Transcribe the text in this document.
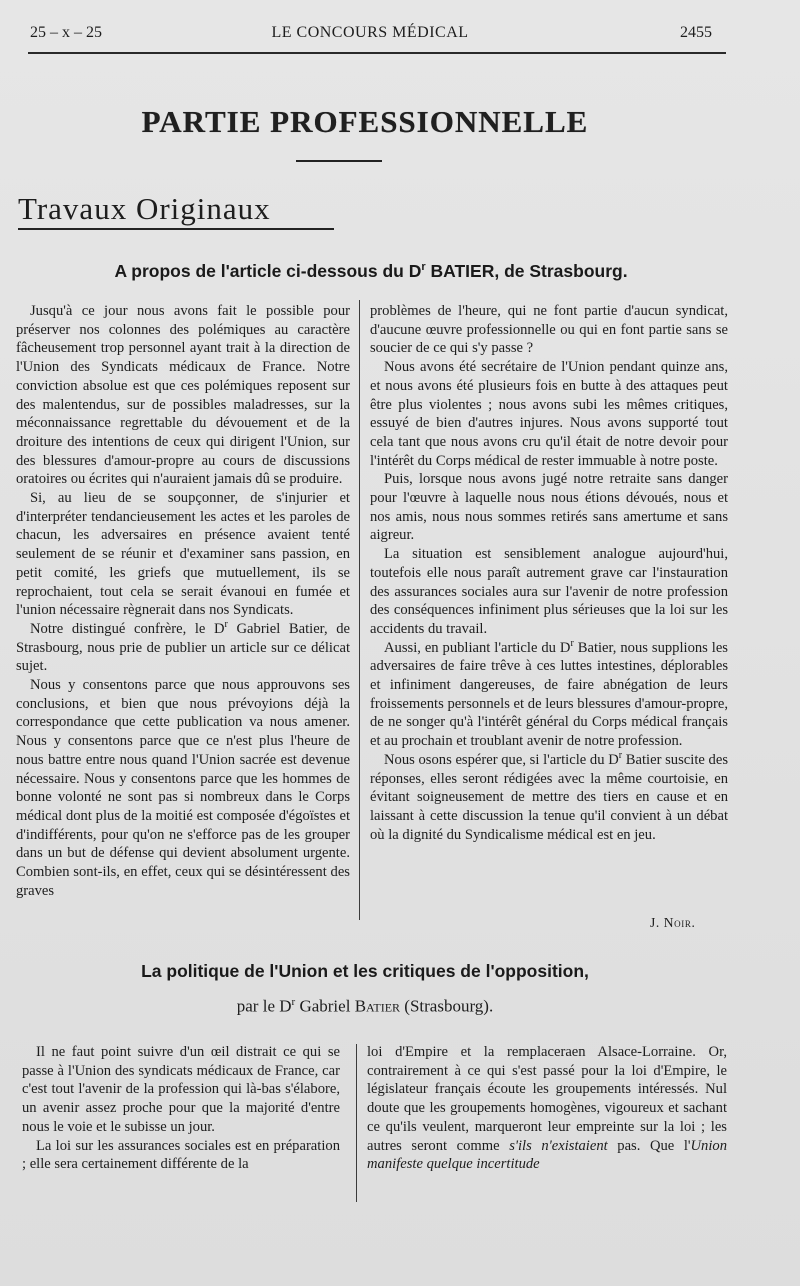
25 – x – 25	LE CONCOURS MÉDICAL	2455
PARTIE PROFESSIONNELLE
Travaux Originaux
A propos de l'article ci-dessous du $D^r$ BATIER, de Strasbourg.

Jusqu'à ce jour nous avons fait le possible pour préserver nos colonnes des polémiques au caractère fâcheusement trop personnel ayant trait à la direction de l'Union des Syndicats médicaux de France. Notre conviction absolue est que ces polémiques reposent sur des malentendus, sur de possibles maladresses, sur la méconnaissance regrettable du dévouement et de la droiture des intentions de ceux qui dirigent l'Union, sur des blessures d'amour-propre au cours de discussions oratoires ou écrites qui n'auraient jamais dû se produire.

Si, au lieu de se soupçonner, de s'injurier et d'interpréter tendancieusement les actes et les paroles de chacun, les adversaires en présence avaient tenté seulement de se réunir et d'examiner sans passion, en petit comité, les griefs que mutuellement, ils se reprochaient, tout cela se serait évanoui en fumée et l'union nécessaire règnerait dans nos Syndicats.

Notre distingué confrère, le $D^r$ Gabriel Batier, de Strasbourg, nous prie de publier un article sur ce délicat sujet.

Nous y consentons parce que nous approuvons ses conclusions, et bien que nous prévoyions déjà la correspondance que cette publication va nous amener. Nous y consentons parce que ce n'est plus l'heure de nous battre entre nous quand l'Union sacrée est devenue nécessaire. Nous y consentons parce que les hommes de bonne volonté ne sont pas si nombreux dans le Corps médical dont plus de la moitié est composée d'égoïstes et d'indifférents, pour qu'on ne s'efforce pas de les grouper dans un but de défense qui devient absolument urgente. Combien sont-ils, en effet, ceux qui se désintéressent des graves

problèmes de l'heure, qui ne font partie d'aucun syndicat, d'aucune œuvre professionnelle ou qui en font partie sans se soucier de ce qui s'y passe ?

Nous avons été secrétaire de l'Union pendant quinze ans, et nous avons été plusieurs fois en butte à des attaques peut être plus violentes ; nous avons subi les mêmes critiques, essuyé de bien d'autres injures. Nous avons supporté tout cela tant que nous avons cru qu'il était de notre devoir pour l'intérêt du Corps médical de rester immuable à notre poste.

Puis, lorsque nous avons jugé notre retraite sans danger pour l'œuvre à laquelle nous nous étions dévoués, nous et nos amis, nous nous sommes retirés sans amertume et sans aigreur.

La situation est sensiblement analogue aujourd'hui, toutefois elle nous paraît autrement grave car l'instauration des assurances sociales aura sur l'avenir de notre profession des conséquences infiniment plus sérieuses que la loi sur les accidents du travail.

Aussi, en publiant l'article du $D^r$ Batier, nous supplions les adversaires de faire trêve à ces luttes intestines, déplorables et infiniment dangereuses, de faire abnégation de leurs froissements personnels et de leurs blessures d'amour-propre, de ne songer qu'à l'intérêt général du Corps médical français et au prochain et troublant avenir de notre profession.

Nous osons espérer que, si l'article du $D^r$ Batier suscite des réponses, elles seront rédigées avec la même courtoisie, en évitant soigneusement de mettre des tiers en cause et en laissant à cette discussion la tenue qu'il convient à un débat où la dignité du Syndicalisme médical est en jeu.

J. Noir.
La politique de l'Union et les critiques de l'opposition,
par le $D^r$ Gabriel Batier (Strasbourg).

Il ne faut point suivre d'un œil distrait ce qui se passe à l'Union des syndicats médicaux de France, car c'est tout l'avenir de la profession qui là-bas s'élabore, un avenir assez proche pour que la majorité d'entre nous le voie et le subisse un jour.

La loi sur les assurances sociales est en préparation ; elle sera certainement différente de la

loi d'Empire et la remplaceraen Alsace-Lorraine. Or, contrairement à ce qui s'est passé pour la loi d'Empire, le législateur français écoute les groupements intéressés. Nul doute que les groupements homogènes, vigoureux et sachant ce qu'ils veulent, marqueront leur empreinte sur la loi ; les autres seront comme s'ils n'existaient pas. Que l'Union manifeste quelque incertitude
